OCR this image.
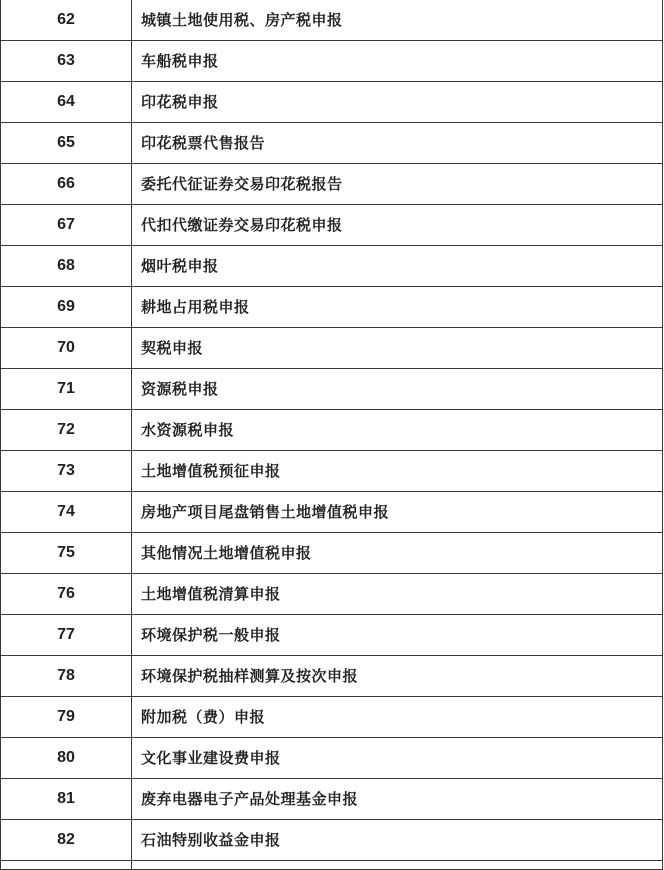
62	城镇土地使用税、房产税申报
63	车船税申报
64	印花税申报
65	印花税票代售报告
66	委托代征证券交易印花税报告
67	代扣代缴证券交易印花税申报
68	烟叶税申报
69	耕地占用税申报
70	契税申报
71	资源税申报
72	水资源税申报
73	土地增值税预征申报
74	房地产项目尾盘销售土地增值税申报
75	其他情况土地增值税申报
76	土地增值税清算申报
77	环境保护税一般申报
78	环境保护税抽样测算及按次申报
79	附加税（费）申报
80	文化事业建设费申报
81	废弃电器电子产品处理基金申报
82	石油特别收益金申报
